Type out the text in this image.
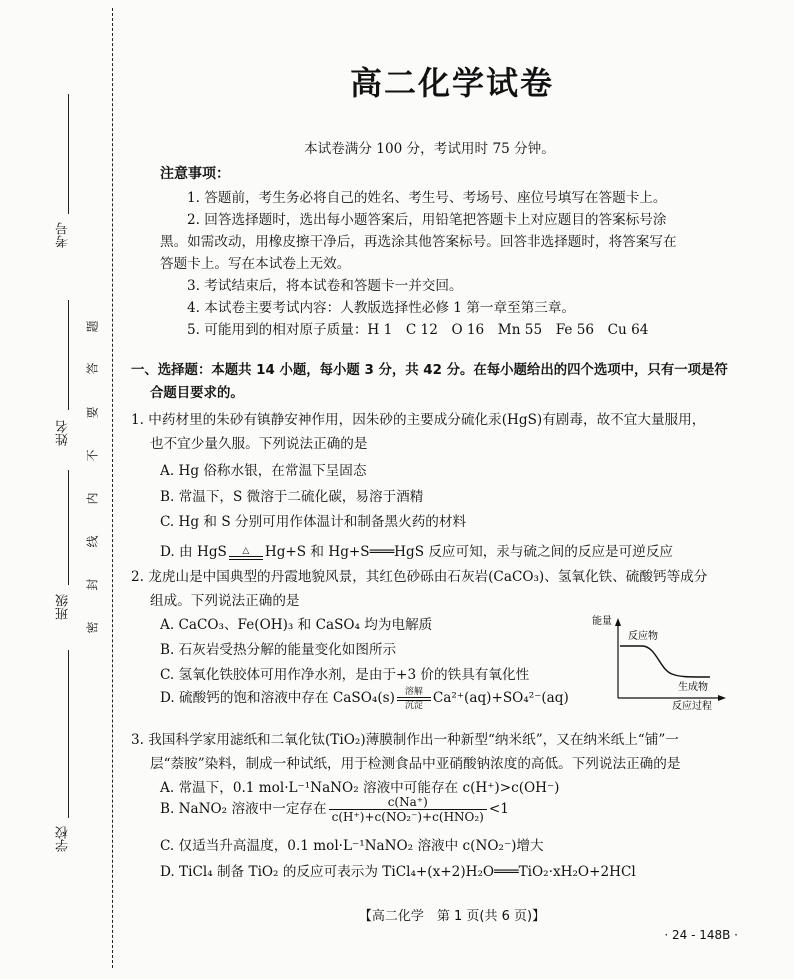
考号
姓名
班级
学校
题
答
要
不
内
线
封
密
高二化学试卷
本试卷满分 100 分，考试用时 75 分钟。
注意事项：
1. 答题前，考生务必将自己的姓名、考生号、考场号、座位号填写在答题卡上。
2. 回答选择题时，选出每小题答案后，用铅笔把答题卡上对应题目的答案标号涂
黑。如需改动，用橡皮擦干净后，再选涂其他答案标号。回答非选择题时，将答案写在
答题卡上。写在本试卷上无效。
3. 考试结束后，将本试卷和答题卡一并交回。
4. 本试卷主要考试内容：人教版选择性必修 1 第一章至第三章。
5. 可能用到的相对原子质量：H 1　C 12　O 16　Mn 55　Fe 56　Cu 64
一、选择题：本题共 14 小题，每小题 3 分，共 42 分。在每小题给出的四个选项中，只有一项是符
合题目要求的。
1. 中药材里的朱砂有镇静安神作用，因朱砂的主要成分硫化汞(HgS)有剧毒，故不宜大量服用，
也不宜少量久服。下列说法正确的是
A. Hg 俗称水银，在常温下呈固态
B. 常温下，S 微溶于二硫化碳，易溶于酒精
C. Hg 和 S 分别可用作体温计和制备黑火药的材料
D. 由 HgS △ Hg+S 和 Hg+S═══HgS 反应可知，汞与硫之间的反应是可逆反应
2. 龙虎山是中国典型的丹霞地貌风景，其红色砂砾由石灰岩(CaCO₃)、氢氧化铁、硫酸钙等成分
组成。下列说法正确的是
A. CaCO₃、Fe(OH)₃ 和 CaSO₄ 均为电解质
B. 石灰岩受热分解的能量变化如图所示
C. 氢氧化铁胶体可用作净水剂，是由于+3 价的铁具有氧化性
D. 硫酸钙的饱和溶液中存在 CaSO₄(s) 溶解
沉淀 Ca²⁺(aq)+SO₄²⁻(aq)
能量
反应物
生成物
反应过程
3. 我国科学家用滤纸和二氧化钛(TiO₂)薄膜制作出一种新型“纳米纸”，又在纳米纸上“铺”一
层“萘胺”染料，制成一种试纸，用于检测食品中亚硝酸钠浓度的高低。下列说法正确的是
A. 常温下，0.1 mol·L⁻¹NaNO₂ 溶液中可能存在 c(H⁺)>c(OH⁻)
B. NaNO₂ 溶液中一定存在 $\frac{c(Na^+)}{\text{c(H⁺)+c(NO₂⁻)+c(HNO₂)}} <1$
C. 仅适当升高温度，0.1 mol·L⁻¹NaNO₂ 溶液中 c(NO₂⁻)增大
D. TiCl₄ 制备 TiO₂ 的反应可表示为 TiCl₄+(x+2)H₂O═══TiO₂·xH₂O+2HCl
【高二化学　第 1 页(共 6 页)】
· 24 - 148B ·
